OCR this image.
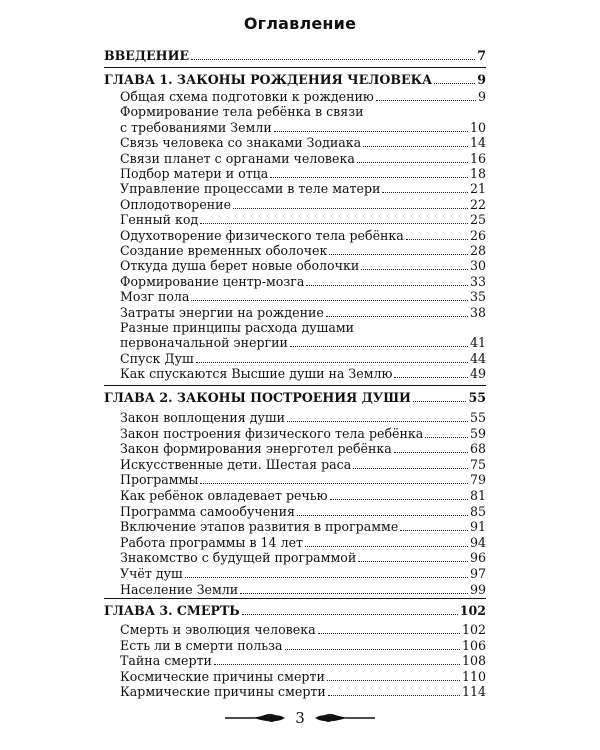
Оглавление
ВВЕДЕНИЕ	7
ГЛАВА 1. ЗАКОНЫ РОЖДЕНИЯ ЧЕЛОВЕКА	9
Общая схема подготовки к рождению	9
Формирование тела ребёнка в связи
с требованиями Земли	10
Связь человека со знаками Зодиака	14
Связи планет с органами человека	16
Подбор матери и отца	18
Управление процессами в теле матери	21
Оплодотворение	22
Генный код	25
Одухотворение физического тела ребёнка	26
Создание временных оболочек	28
Откуда душа берет новые оболочки	30
Формирование центр-мозга	33
Мозг пола	35
Затраты энергии на рождение	38
Разные принципы расхода душами
первоначальной энергии	41
Спуск Душ	44
Как спускаются Высшие души на Землю	49
ГЛАВА 2. ЗАКОНЫ ПОСТРОЕНИЯ ДУШИ	55
Закон воплощения души	55
Закон построения физического тела ребёнка	59
Закон формирования энерготел ребёнка	68
Искусственные дети. Шестая раса	75
Программы	79
Как ребёнок овладевает речью	81
Программа самообучения	85
Включение этапов развития в программе	91
Работа программы в 14 лет	94
Знакомство с будущей программой	96
Учёт душ	97
Население Земли	99
ГЛАВА 3. СМЕРТЬ	102
Смерть и эволюция человека	102
Есть ли в смерти польза	106
Тайна смерти	108
Космические причины смерти	110
Кармические причины смерти	114
3
